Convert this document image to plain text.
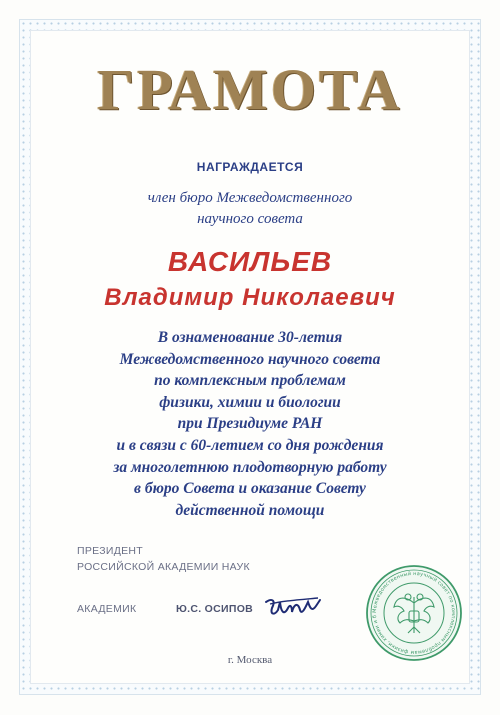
ГРАМОТА
НАГРАЖДАЕТСЯ
член бюро Межведомственного
научного совета
ВАСИЛЬЕВ
Владимир Николаевич
В ознаменование 30-летия
Межведомственного научного совета
по комплексным проблемам
физики, химии и биологии
при Президиуме РАН
и в связи с 60-летием со дня рождения
за многолетнюю плодотворную работу
в бюро Совета и оказание Совету
действенной помощи
ПРЕЗИДЕНТ
РОССИЙСКОЙ АКАДЕМИИ НАУК
АКАДЕМИК	Ю.С. ОСИПОВ	Межведомственный научный совет по комплексным проблемам физики, химии и б
г. Москва
